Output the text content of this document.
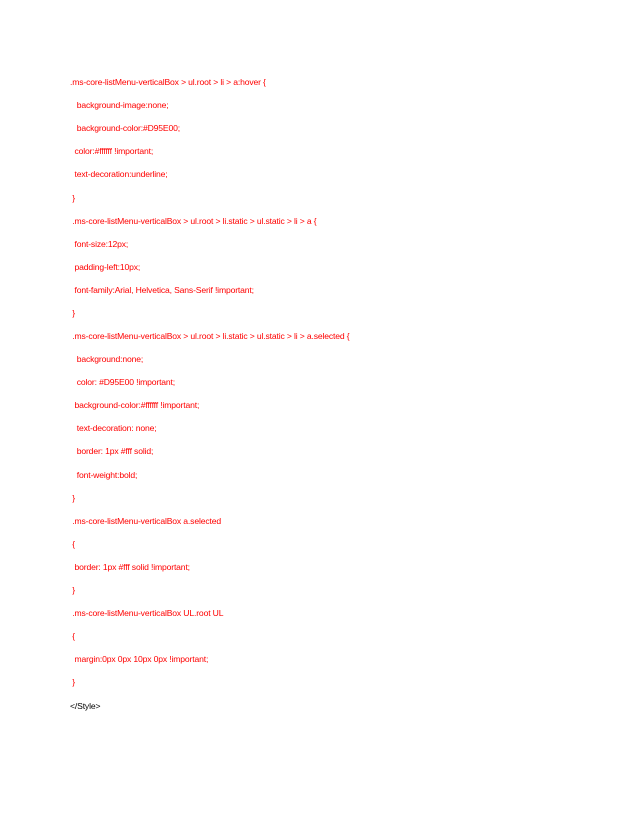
.ms-core-listMenu-verticalBox > ul.root > li > a:hover {
background-image:none;
background-color:#D95E00;
color:#ffffff !important;
text-decoration:underline;
}
.ms-core-listMenu-verticalBox > ul.root > li.static > ul.static > li > a {
font-size:12px;
padding-left:10px;
font-family:Arial, Helvetica, Sans-Serif !important;
}
.ms-core-listMenu-verticalBox > ul.root > li.static > ul.static > li > a.selected {
background:none;
color: #D95E00 !important;
background-color:#ffffff !important;
text-decoration: none;
border: 1px #fff solid;
font-weight:bold;
}
.ms-core-listMenu-verticalBox a.selected
{
border: 1px #fff solid !important;
}
.ms-core-listMenu-verticalBox UL.root UL
{
margin:0px 0px 10px 0px !important;
}
</Style>
